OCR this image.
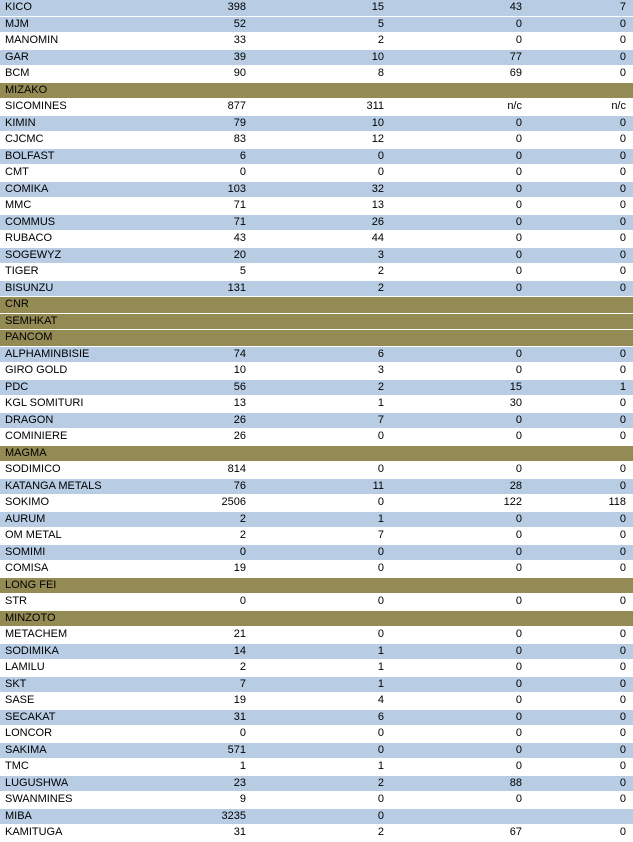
KICO	398	15	43	7
MJM	52	5	0	0
MANOMIN	33	2	0	0
GAR	39	10	77	0
BCM	90	8	69	0
MIZAKO
SICOMINES	877	311	n/c	n/c
KIMIN	79	10	0	0
CJCMC	83	12	0	0
BOLFAST	6	0	0	0
CMT	0	0	0	0
COMIKA	103	32	0	0
MMC	71	13	0	0
COMMUS	71	26	0	0
RUBACO	43	44	0	0
SOGEWYZ	20	3	0	0
TIGER	5	2	0	0
BISUNZU	131	2	0	0
CNR
SEMHKAT
PANCOM
ALPHAMINBISIE	74	6	0	0
GIRO GOLD	10	3	0	0
PDC	56	2	15	1
KGL SOMITURI	13	1	30	0
DRAGON	26	7	0	0
COMINIERE	26	0	0	0
MAGMA
SODIMICO	814	0	0	0
KATANGA METALS	76	11	28	0
SOKIMO	2506	0	122	118
AURUM	2	1	0	0
OM METAL	2	7	0	0
SOMIMI	0	0	0	0
COMISA	19	0	0	0
LONG FEI
STR	0	0	0	0
MINZOTO
METACHEM	21	0	0	0
SODIMIKA	14	1	0	0
LAMILU	2	1	0	0
SKT	7	1	0	0
SASE	19	4	0	0
SECAKAT	31	6	0	0
LONCOR	0	0	0	0
SAKIMA	571	0	0	0
TMC	1	1	0	0
LUGUSHWA	23	2	88	0
SWANMINES	9	0	0	0
MIBA	3235	0
KAMITUGA	31	2	67	0
